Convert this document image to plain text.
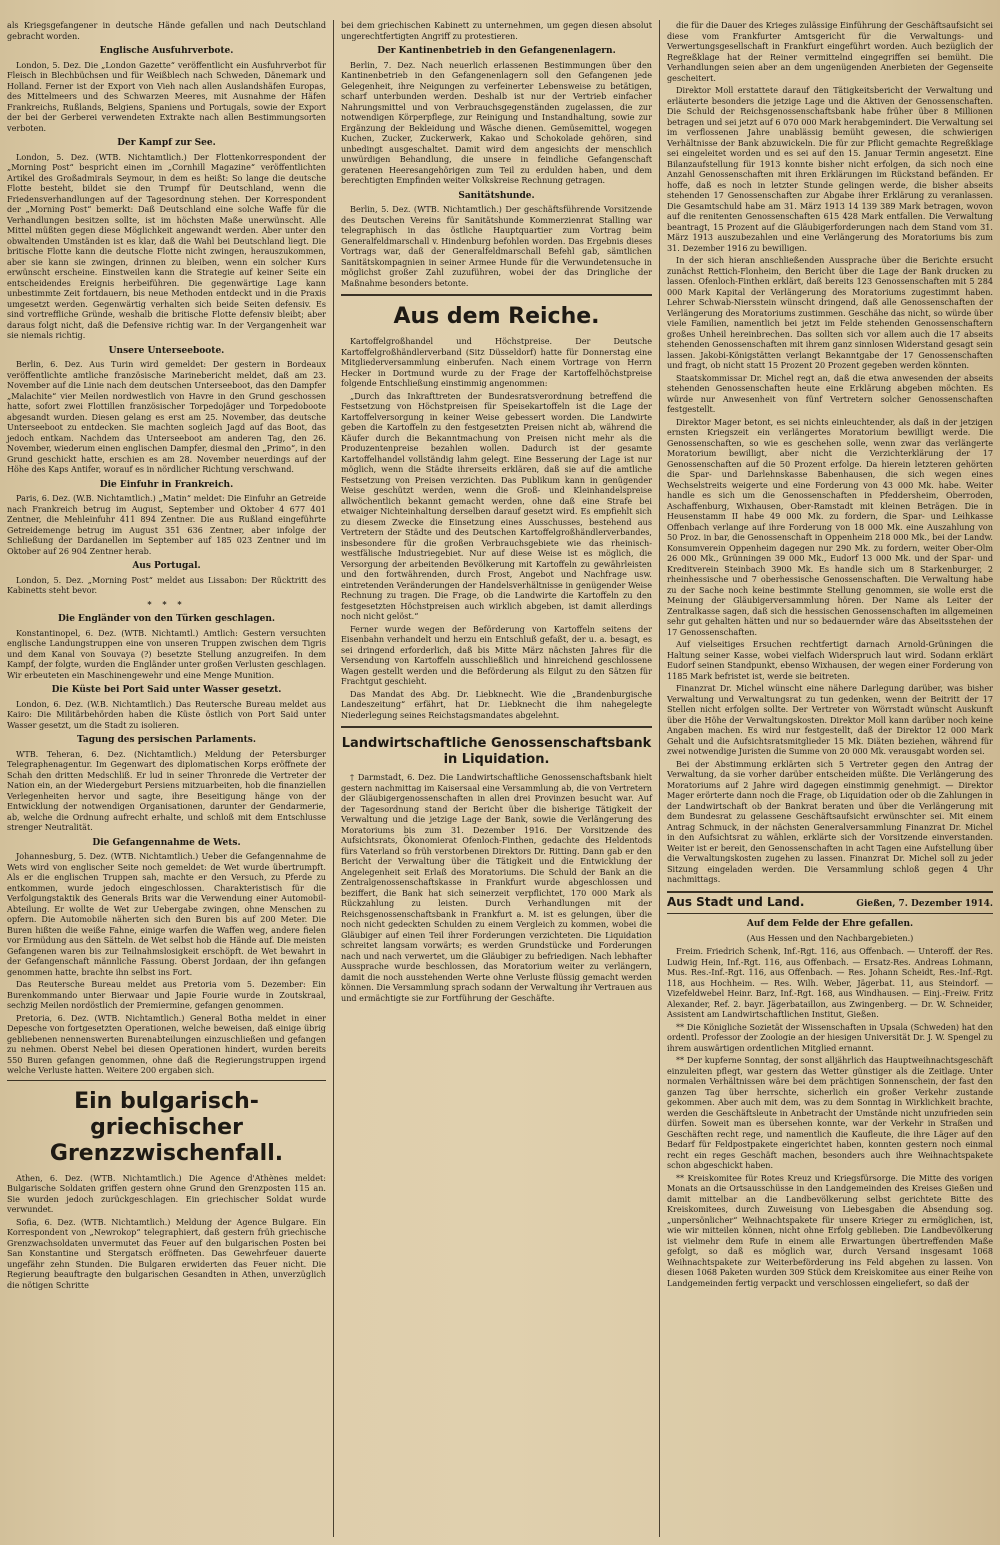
als Kriegsgefangener in deutsche Hände gefallen und nach Deutschland gebracht worden.

Englische Ausfuhrverbote.

London, 5. Dez. Die „London Gazette“ veröffentlicht ein Ausfuhrverbot für Fleisch in Blechbüchsen und für Weißblech nach Schweden, Dänemark und Holland. Ferner ist der Export von Vieh nach allen Auslandshäfen Europas, des Mittelmeers und des Schwarzen Meeres, mit Ausnahme der Häfen Frankreichs, Rußlands, Belgiens, Spaniens und Portugals, sowie der Export der bei der Gerberei verwendeten Extrakte nach allen Bestimmungsorten verboten.

Der Kampf zur See.

London, 5. Dez. (WTB. Nichtamtlich.) Der Flottenkorrespondent der „Morning Post“ bespricht einen im „Cornhill Magazine“ veröffentlichten Artikel des Großadmirals Seymour, in dem es heißt: So lange die deutsche Flotte besteht, bildet sie den Trumpf für Deutschland, wenn die Friedensverhandlungen auf der Tagesordnung stehen. Der Korrespondent der „Morning Post“ bemerkt: Daß Deutschland eine solche Waffe für die Verhandlungen besitzen sollte, ist im höchsten Maße unerwünscht. Alle Mittel müßten gegen diese Möglichkeit angewandt werden. Aber unter den obwaltenden Umständen ist es klar, daß die Wahl bei Deutschland liegt. Die britische Flotte kann die deutsche Flotte nicht zwingen, herauszukommen, aber sie kann sie zwingen, drinnen zu bleiben, wenn ein solcher Kurs erwünscht erscheine. Einstweilen kann die Strategie auf keiner Seite ein entscheidendes Ereignis herbeiführen. Die gegenwärtige Lage kann unbestimmte Zeit fortdauern, bis neue Methoden entdeckt und in die Praxis umgesetzt werden. Gegenwärtig verhalten sich beide Seiten defensiv. Es sind vortreffliche Gründe, weshalb die britische Flotte defensiv bleibt; aber daraus folgt nicht, daß die Defensive richtig war. In der Vergangenheit war sie niemals richtig.

Unsere Unterseeboote.

Berlin, 6. Dez. Aus Turin wird gemeldet: Der gestern in Bordeaux veröffentlichte amtliche französische Marinebericht meldet, daß am 23. November auf die Linie nach dem deutschen Unterseeboot, das den Dampfer „Malachite“ vier Meilen nordwestlich von Havre in den Grund geschossen hatte, sofort zwei Flottillen französischer Torpedojäger und Torpedoboote abgesandt wurden. Diesen gelang es erst am 25. November, das deutsche Unterseeboot zu entdecken. Sie machten sogleich Jagd auf das Boot, das jedoch entkam. Nachdem das Unterseeboot am anderen Tag, den 26. November, wiederum einen englischen Dampfer, diesmal den „Primo“, in den Grund geschickt hatte, erschien es am 28. November neuerdings auf der Höhe des Kaps Antifer, worauf es in nördlicher Richtung verschwand.

Die Einfuhr in Frankreich.

Paris, 6. Dez. (W.B. Nichtamtlich.) „Matin“ meldet: Die Einfuhr an Getreide nach Frankreich betrug im August, September und Oktober 4 677 401 Zentner, die Mehleinfuhr 411 894 Zentner. Die aus Rußland eingeführte Getreidemenge betrug im August 351 636 Zentner, aber infolge der Schließung der Dardanellen im September auf 185 023 Zentner und im Oktober auf 26 904 Zentner herab.

Aus Portugal.

London, 5. Dez. „Morning Post“ meldet aus Lissabon: Der Rücktritt des Kabinetts steht bevor.

* * *
Die Engländer von den Türken geschlagen.

Konstantinopel, 6. Dez. (WTB. Nichtamtl.) Amtlich: Gestern versuchten englische Landungstruppen eine von unseren Truppen zwischen dem Tigris und dem Kanal von Souvaya (?) besetzte Stellung anzugreifen. In dem Kampf, der folgte, wurden die Engländer unter großen Verlusten geschlagen. Wir erbeuteten ein Maschinengewehr und eine Menge Munition.

Die Küste bei Port Said unter Wasser gesetzt.

London, 6. Dez. (W.B. Nichtamtlich.) Das Reutersche Bureau meldet aus Kairo: Die Militärbehörden haben die Küste östlich von Port Said unter Wasser gesetzt, um die Stadt zu isolieren.

Tagung des persischen Parlaments.

WTB. Teheran, 6. Dez. (Nichtamtlich.) Meldung der Petersburger Telegraphenagentur. Im Gegenwart des diplomatischen Korps eröffnete der Schah den dritten Medschliß. Er lud in seiner Thronrede die Vertreter der Nation ein, an der Wiedergeburt Persiens mitzuarbeiten, hob die finanziellen Verlegenheiten hervor und sagte, ihre Beseitigung hänge von der Entwicklung der notwendigen Organisationen, darunter der Gendarmerie, ab, welche die Ordnung aufrecht erhalte, und schloß mit dem Entschlusse strenger Neutralität.

Die Gefangennahme de Wets.

Johannesburg, 5. Dez. (WTB. Nichtamtlich.) Ueber die Gefangennahme de Wets wird von englischer Seite noch gemeldet: de Wet wurde übertrumpft. Als er die englischen Truppen sah, machte er den Versuch, zu Pferde zu entkommen, wurde jedoch eingeschlossen. Charakteristisch für die Verfolgungstaktik des Generals Brits war die Verwendung einer Automobil-Abteilung. Er wollte de Wet zur Uebergabe zwingen, ohne Menschen zu opfern. Die Automobile näherten sich den Buren bis auf 200 Meter. Die Buren hißten die weiße Fahne, einige warfen die Waffen weg, andere fielen vor Ermüdung aus den Sätteln. de Wet selbst hob die Hände auf. Die meisten Gefangenen waren bis zur Teilnahmslosigkeit erschöpft. de Wet bewahrt in der Gefangenschaft männliche Fassung. Oberst Jordaan, der ihn gefangen genommen hatte, brachte ihn selbst ins Fort.

Das Reutersche Bureau meldet aus Pretoria vom 5. Dezember: Ein Burenkommando unter Bierwaar und Japie Fourie wurde in Zoutskraal, sechzig Meilen nordöstlich der Premiermine, gefangen genommen.

Pretoria, 6. Dez. (WTB. Nichtamtlich.) General Botha meldet in einer Depesche von fortgesetzten Operationen, welche beweisen, daß einige übrig gebliebenen nennenswerten Burenabteilungen einzuschließen und gefangen zu nehmen. Oberst Nebel bei diesen Operationen hindert, wurden bereits 550 Buren gefangen genommen, ohne daß die Regierungstruppen irgend welche Verluste hatten. Weitere 200 ergaben sich.

Ein bulgarisch-griechischer Grenzzwischenfall.

Athen, 6. Dez. (WTB. Nichtamtlich.) Die Agence d'Athènes meldet: Bulgarische Soldaten griffen gestern ohne Grund den Grenzposten 115 an. Sie wurden jedoch zurückgeschlagen. Ein griechischer Soldat wurde verwundet.

Sofia, 6. Dez. (WTB. Nichtamtlich.) Meldung der Agence Bulgare. Ein Korrespondent von „Newrokop“ telegraphiert, daß gestern früh griechische Grenzwachsoldaten unvermutet das Feuer auf den bulgarischen Posten bei San Konstantine und Stergatsch eröffneten. Das Gewehrfeuer dauerte ungefähr zehn Stunden. Die Bulgaren erwiderten das Feuer nicht. Die Regierung beauftragte den bulgarischen Gesandten in Athen, unverzüglich die nötigen Schritte

bei dem griechischen Kabinett zu unternehmen, um gegen diesen absolut ungerechtfertigten Angriff zu protestieren.

Der Kantinenbetrieb in den Gefangenenlagern.

Berlin, 7. Dez. Nach neuerlich erlassenen Bestimmungen über den Kantinenbetrieb in den Gefangenenlagern soll den Gefangenen jede Gelegenheit, ihre Neigungen zu verfeinerter Lebensweise zu betätigen, scharf unterbunden werden. Deshalb ist nur der Vertrieb einfacher Nahrungsmittel und von Verbrauchsgegenständen zugelassen, die zur notwendigen Körperpflege, zur Reinigung und Instandhaltung, sowie zur Ergänzung der Bekleidung und Wäsche dienen. Gemüsemittel, wogegen Kuchen, Zucker, Zuckerwerk, Kakao und Schokolade gehören, sind unbedingt ausgeschaltet. Damit wird dem angesichts der menschlich unwürdigen Behandlung, die unsere in feindliche Gefangenschaft geratenen Heeresangehörigen zum Teil zu erdulden haben, und dem berechtigten Empfinden weiter Volkskreise Rechnung getragen.

Sanitätshunde.

Berlin, 5. Dez. (WTB. Nichtamtlich.) Der geschäftsführende Vorsitzende des Deutschen Vereins für Sanitätshunde Kommerzienrat Stalling war telegraphisch in das östliche Hauptquartier zum Vortrag beim Generalfeldmarschall v. Hindenburg befohlen worden. Das Ergebnis dieses Vortrags war, daß der Generalfeldmarschall Befehl gab, sämtlichen Sanitätskompagnien in seiner Armee Hunde für die Verwundetensuche in möglichst großer Zahl zuzuführen, wobei der das Dringliche der Maßnahme besonders betonte.

Aus dem Reiche.

Kartoffelgroßhandel und Höchstpreise. Der Deutsche Kartoffelgroßhändlerverband (Sitz Düsseldorf) hatte für Donnerstag eine Mitgliederversammlung einberufen. Nach einem Vortrage von Herrn Hecker in Dortmund wurde zu der Frage der Kartoffelhöchstpreise folgende Entschließung einstimmig angenommen:

„Durch das Inkrafttreten der Bundesratsverordnung betreffend die Festsetzung von Höchstpreisen für Speisekartoffeln ist die Lage der Kartoffelversorgung in keiner Weise gebessert worden. Die Landwirte geben die Kartoffeln zu den festgesetzten Preisen nicht ab, während die Käufer durch die Bekanntmachung von Preisen nicht mehr als die Produzentenpreise bezahlen wollen. Dadurch ist der gesamte Kartoffelhandel vollständig lahm gelegt. Eine Besserung der Lage ist nur möglich, wenn die Städte ihrerseits erklären, daß sie auf die amtliche Festsetzung von Preisen verzichten. Das Publikum kann in genügender Weise geschützt werden, wenn die Groß- und Kleinhandelspreise allwöchentlich bekannt gemacht werden, ohne daß eine Strafe bei etwaiger Nichteinhaltung derselben darauf gesetzt wird. Es empfiehlt sich zu diesem Zwecke die Einsetzung eines Ausschusses, bestehend aus Vertretern der Städte und des Deutschen Kartoffelgroßhändlerverbandes, insbesondere für die großen Verbrauchsgebiete wie das rheinisch-westfälische Industriegebiet. Nur auf diese Weise ist es möglich, die Versorgung der arbeitenden Bevölkerung mit Kartoffeln zu gewährleisten und den fortwährenden, durch Frost, Angebot und Nachfrage usw. eintretenden Veränderungen der Handelsverhältnisse in genügender Weise Rechnung zu tragen. Die Frage, ob die Landwirte die Kartoffeln zu den festgesetzten Höchstpreisen auch wirklich abgeben, ist damit allerdings noch nicht gelöst.“

Ferner wurde wegen der Beförderung von Kartoffeln seitens der Eisenbahn verhandelt und herzu ein Entschluß gefaßt, der u. a. besagt, es sei dringend erforderlich, daß bis Mitte März nächsten Jahres für die Versendung von Kartoffeln ausschließlich und hinreichend geschlossene Wagen gestellt werden und die Beförderung als Eilgut zu den Sätzen für Frachtgut geschieht.

Das Mandat des Abg. Dr. Liebknecht. Wie die „Brandenburgische Landeszeitung“ erfährt, hat Dr. Liebknecht die ihm nahegelegte Niederlegung seines Reichstagsmandates abgelehnt.

Landwirtschaftliche Genossenschaftsbank in Liquidation.

† Darmstadt, 6. Dez. Die Landwirtschaftliche Genossenschaftsbank hielt gestern nachmittag im Kaisersaal eine Versammlung ab, die von Vertretern der Gläubigergenossenschaften in allen drei Provinzen besucht war. Auf der Tagesordnung stand der Bericht über die bisherige Tätigkeit der Verwaltung und die jetzige Lage der Bank, sowie die Verlängerung des Moratoriums bis zum 31. Dezember 1916. Der Vorsitzende des Aufsichtsrats, Ökonomierat Ofenloch-Finthen, gedachte des Heldentods fürs Vaterland so früh verstorbenen Direktors Dr. Ritting. Dann gab er den Bericht der Verwaltung über die Tätigkeit und die Entwicklung der Angelegenheit seit Erlaß des Moratoriums. Die Schuld der Bank an die Zentralgenossenschaftskasse in Frankfurt wurde abgeschlossen und beziffert, die Bank hat sich seinerzeit verpflichtet, 170 000 Mark als Rückzahlung zu leisten. Durch Verhandlungen mit der Reichsgenossenschaftsbank in Frankfurt a. M. ist es gelungen, über die noch nicht gedeckten Schulden zu einem Vergleich zu kommen, wobei die Gläubiger auf einen Teil ihrer Forderungen verzichteten. Die Liquidation schreitet langsam vorwärts; es werden Grundstücke und Forderungen nach und nach verwertet, um die Gläubiger zu befriedigen. Nach lebhafter Aussprache wurde beschlossen, das Moratorium weiter zu verlängern, damit die noch ausstehenden Werte ohne Verluste flüssig gemacht werden können. Die Versammlung sprach sodann der Verwaltung ihr Vertrauen aus und ermächtigte sie zur Fortführung der Geschäfte.

die für die Dauer des Krieges zulässige Einführung der Geschäftsaufsicht sei diese vom Frankfurter Amtsgericht für die Verwaltungs- und Verwertungsgesellschaft in Frankfurt eingeführt worden. Auch bezüglich der Regreßklage hat der Reiner vermittelnd eingegriffen sei bemüht. Die Verhandlungen seien aber an dem ungenügenden Anerbieten der Gegenseite gescheitert.

Direktor Moll erstattete darauf den Tätigkeitsbericht der Verwaltung und erläuterte besonders die jetzige Lage und die Aktiven der Genossenschaften. Die Schuld der Reichsgenossenschaftsbank habe früher über 8 Millionen betragen und sei jetzt auf 6 070 000 Mark herabgemindert. Die Verwaltung sei im verflossenen Jahre unablässig bemüht gewesen, die schwierigen Verhältnisse der Bank abzuwickeln. Die für zur Pflicht gemachte Regreßklage sei eingeleitet worden und es sei auf den 15. Januar Termin angesetzt. Eine Bilanzaufstellung für 1913 konnte bisher nicht erfolgen, da sich noch eine Anzahl Genossenschaften mit ihren Erklärungen im Rückstand befänden. Er hoffe, daß es noch in letzter Stunde gelingen werde, die bisher abseits stehenden 17 Genossenschaften zur Abgabe ihrer Erklärung zu veranlassen. Die Gesamtschuld habe am 31. März 1913 14 139 389 Mark betragen, wovon auf die renitenten Genossenschaften 615 428 Mark entfallen. Die Verwaltung beantragt, 15 Prozent auf die Gläubigerforderungen nach dem Stand vom 31. März 1913 auszubezahlen und eine Verlängerung des Moratoriums bis zum 31. Dezember 1916 zu bewilligen.

In der sich hieran anschließenden Aussprache über die Berichte ersucht zunächst Rettich-Flonheim, den Bericht über die Lage der Bank drucken zu lassen. Ofenloch-Finthen erklärt, daß bereits 123 Genossenschaften mit 5 284 000 Mark Kapital der Verlängerung des Moratoriums zugestimmt haben. Lehrer Schwab-Niersstein wünscht dringend, daß alle Genossenschaften der Verlängerung des Moratoriums zustimmen. Geschähe das nicht, so würde über viele Familien, namentlich bei jetzt im Felde stehenden Genossenschaftern großes Unheil hereinbrechen. Das sollten sich vor allem auch die 17 abseits stehenden Genossenschaften mit ihrem ganz sinnlosen Widerstand gesagt sein lassen. Jakobi-Königstätten verlangt Bekanntgabe der 17 Genossenschaften und fragt, ob nicht statt 15 Prozent 20 Prozent gegeben werden könnten.

Staatskommissar Dr. Michel regt an, daß die etwa anwesenden der abseits stehenden Genossenschaften heute eine Erklärung abgeben möchten. Es würde nur Anwesenheit von fünf Vertretern solcher Genossenschaften festgestellt.

Direktor Mager betont, es sei nichts einleuchtender, als daß in der jetzigen ernsten Kriegszeit ein verlängertes Moratorium bewilligt werde. Die Genossenschaften, so wie es geschehen solle, wenn zwar das verlängerte Moratorium bewilligt, aber nicht die Verzichterklärung der 17 Genossenschaften auf die 50 Prozent erfolge. Da hierein letzteren gehörten die Spar- und Darlehnskasse Babenhausen, die sich wegen eines Wechselstreits weigerte und eine Forderung von 43 000 Mk. habe. Weiter handle es sich um die Genossenschaften in Pfeddersheim, Oberroden, Aschaffenburg, Wixhausen, Ober-Ramstadt mit kleinen Beträgen. Die in Heusenstamm II habe 49 000 Mk. zu fordern, die Spar- und Leihkasse Offenbach verlange auf ihre Forderung von 18 000 Mk. eine Auszahlung von 50 Proz. in bar, die Genossenschaft in Oppenheim 218 000 Mk., bei der Landw. Konsumverein Oppenheim dagegen nur 290 Mk. zu fordern, weiter Ober-Olm 26 000 Mk., Grünningen 39 000 Mk., Eudorf 13 000 Mk. und der Spar- und Kreditverein Steinbach 3900 Mk. Es handle sich um 8 Starkenburger, 2 rheinhessische und 7 oberhessische Genossenschaften. Die Verwaltung habe zu der Sache noch keine bestimmte Stellung genommen, sie wolle erst die Meinung der Gläubigerversammlung hören. Der Name als Leiter der Zentralkasse sagen, daß sich die hessischen Genossenschaften im allgemeinen sehr gut gehalten hätten und nur so bedauernder wäre das Abseitsstehen der 17 Genossenschaften.

Auf vielseitiges Ersuchen rechtfertigt darnach Arnold-Grüningen die Haltung seiner Kasse, wobei vielfach Widerspruch laut wird. Sodann erklärt Eudorf seinen Standpunkt, ebenso Wixhausen, der wegen einer Forderung von 1185 Mark befristet ist, werde sie beitreten.

Finanzrat Dr. Michel wünscht eine nähere Darlegung darüber, was bisher Verwaltung und Verwaltungsrat zu tun gedenken, wenn der Beitritt der 17 Stellen nicht erfolgen sollte. Der Vertreter von Wörrstadt wünscht Auskunft über die Höhe der Verwaltungskosten. Direktor Moll kann darüber noch keine Angaben machen. Es wird nur festgestellt, daß der Direktor 12 000 Mark Gehalt und die Aufsichtsratsmitglieder 15 Mk. Diäten beziehen, während für zwei notwendige Juristen die Summe von 20 000 Mk. verausgabt worden sei.

Bei der Abstimmung erklärten sich 5 Vertreter gegen den Antrag der Verwaltung, da sie vorher darüber entscheiden müßte. Die Verlängerung des Moratoriums auf 2 Jahre wird dagegen einstimmig genehmigt. — Direktor Mager erörterte dann noch die Frage, ob Liquidation oder ob die Zahlungen in der Landwirtschaft ob der Bankrat beraten und über die Verlängerung mit dem Bundesrat zu gelassene Geschäftsaufsicht erwünschter sei. Mit einem Antrag Schmuck, in der nächsten Generalversammlung Finanzrat Dr. Michel in den Aufsichtsrat zu wählen, erklärte sich der Vorsitzende einverstanden. Weiter ist er bereit, den Genossenschaften in acht Tagen eine Aufstellung über die Verwaltungskosten zugehen zu lassen. Finanzrat Dr. Michel soll zu jeder Sitzung eingeladen werden. Die Versammlung schloß gegen 4 Uhr nachmittags.

Aus Stadt und Land.	Gießen, 7. Dezember 1914.
Auf dem Felde der Ehre gefallen.
(Aus Hessen und den Nachbargebieten.)

Freim. Friedrich Schenk, Inf.-Rgt. 116, aus Offenbach. — Unteroff. der Res. Ludwig Hein, Inf.-Rgt. 116, aus Offenbach. — Ersatz-Res. Andreas Lohmann, Mus. Res.-Inf.-Rgt. 116, aus Offenbach. — Res. Johann Scheidt, Res.-Inf.-Rgt. 118, aus Hochheim. — Res. Wilh. Weber, Jägerbat. 11, aus Steindorf. — Vizefeldwebel Heinr. Barz, Inf.-Rgt. 168, aus Windhausen. — Einj.-Freiw. Fritz Alexander, Ref. 2. bayr. Jägerbataillon, aus Zwingenberg. — Dr. W. Schneider, Assistent am Landwirtschaftlichen Institut, Gießen.

** Die Königliche Sozietät der Wissenschaften in Upsala (Schweden) hat den ordentl. Professor der Zoologie an der hiesigen Universität Dr. J. W. Spengel zu ihrem auswärtigen ordentlichen Mitglied ernannt.

** Der kupferne Sonntag, der sonst alljährlich das Hauptweihnachtsgeschäft einzuleiten pflegt, war gestern das Wetter günstiger als die Zeitlage. Unter normalen Verhältnissen wäre bei dem prächtigen Sonnenschein, der fast den ganzen Tag über herrschte, sicherlich ein großer Verkehr zustande gekommen. Aber auch mit dem, was zu dem Sonntag in Wirklichkeit brachte, werden die Geschäftsleute in Anbetracht der Umstände nicht unzufrieden sein dürfen. Soweit man es übersehen konnte, war der Verkehr in Straßen und Geschäften recht rege, und namentlich die Kaufleute, die ihre Läger auf den Bedarf für Feldpostpakete eingerichtet haben, konnten gestern noch einmal recht ein reges Geschäft machen, besonders auch ihre Weihnachtspakete schon abgeschickt haben.

** Kreiskomitee für Rotes Kreuz und Kriegsfürsorge. Die Mitte des vorigen Monats an die Ortsausschüsse in den Landgemeinden des Kreises Gießen und damit mittelbar an die Landbevölkerung selbst gerichtete Bitte des Kreiskomitees, durch Zuweisung von Liebesgaben die Absendung sog. „unpersönlicher“ Weihnachtspakete für unsere Krieger zu ermöglichen, ist, wie wir mitteilen können, nicht ohne Erfolg geblieben. Die Landbevölkerung ist vielmehr dem Rufe in einem alle Erwartungen übertreffenden Maße gefolgt, so daß es möglich war, durch Versand insgesamt 1068 Weihnachtspakete zur Weiterbeförderung ins Feld abgehen zu lassen. Von diesen 1068 Paketen wurden 309 Stück dem Kreiskomitee aus einer Reihe von Landgemeinden fertig verpackt und verschlossen eingeliefert, so daß der
